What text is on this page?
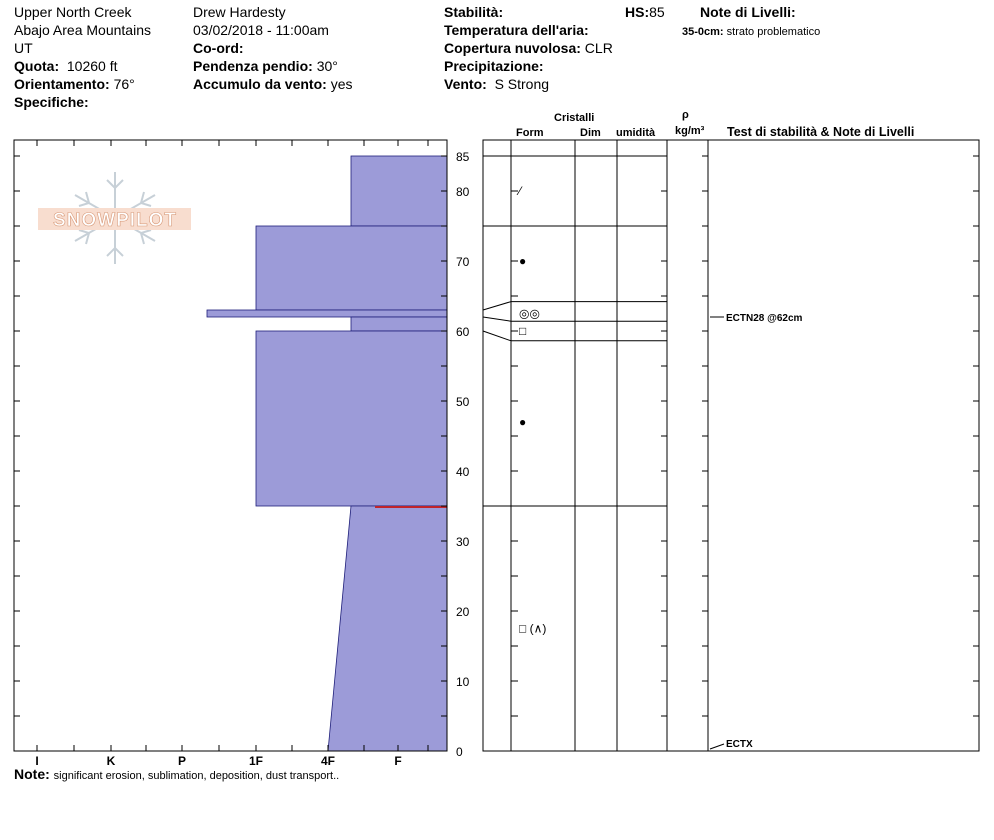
Upper North Creek
Abajo Area Mountains
UT
Quota: 10260 ft
Orientamento: 76°
Specifiche:
Drew Hardesty
03/02/2018 - 11:00am
Co-ord:
Pendenza pendio: 30°
Accumulo da vento: yes
Stabilità:
Temperatura dell'aria:
Copertura nuvolosa: CLR
Precipitazione:
Vento: S Strong
HS:85	Note di Livelli:
35-0cm: strato problematico
Cristalli
Form	Dim umidità
ρ
kg/m³ Test di stabilità & Note di Livelli
SNOWPILOT
0
10
20
30
40
50
60
70
80
85
I	K	P	1F	4F	F
⁄
●
◎◎
□
●
□ (∧)
ECTN28 @62cm
ECTX
Note: significant erosion, sublimation, deposition, dust transport..
